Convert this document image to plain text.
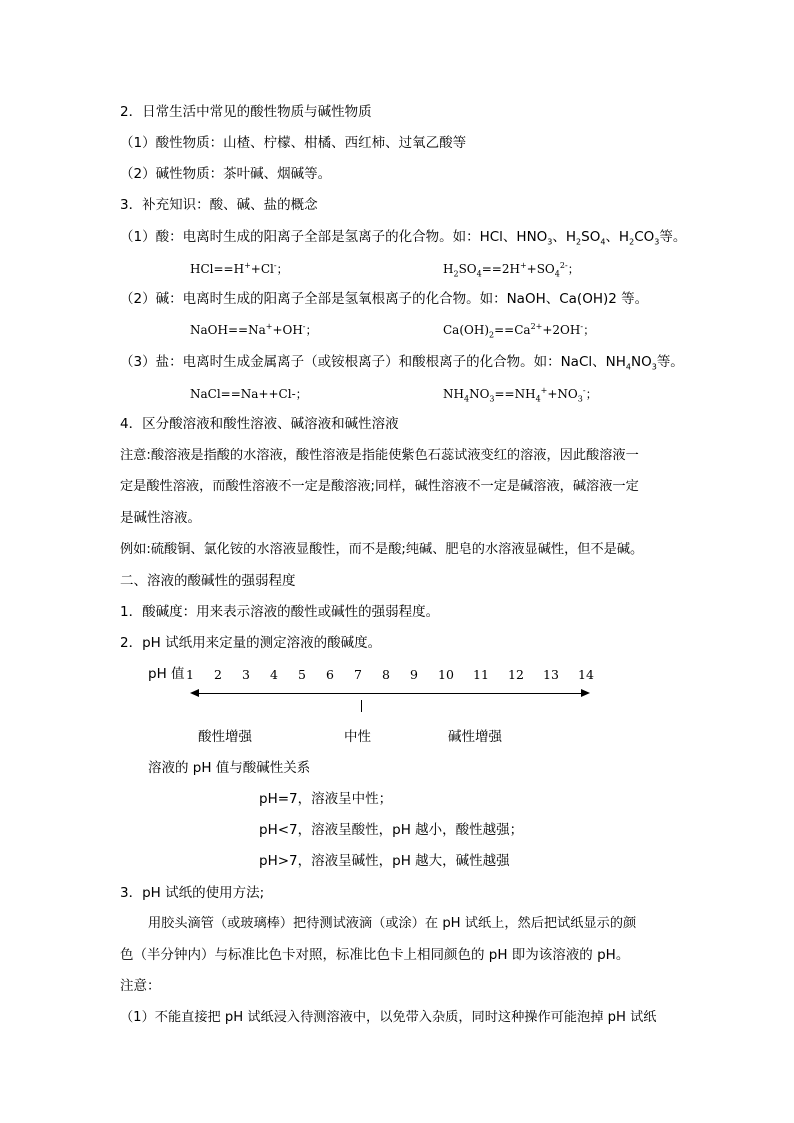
2．日常生活中常见的酸性物质与碱性物质
（1）酸性物质：山楂、柠檬、柑橘、西红柿、过氧乙酸等
（2）碱性物质：茶叶碱、烟碱等。
3．补充知识：酸、碱、盐的概念
（1）酸：电离时生成的阳离子全部是氢离子的化合物。如：HCl、$HNO_3$、$H_2SO_4$、$H_2CO_3$等。
HCl==H++Cl-；	$H_2SO_4==2H^++SO_4^{2-}$；
（2）碱：电离时生成的阳离子全部是氢氧根离子的化合物。如：NaOH、Ca(OH)2 等。
NaOH==Na++OH-；	$Ca(OH)_2==Ca^{2+}+2OH^-$；
（3）盐：电离时生成金属离子（或铵根离子）和酸根离子的化合物。如：NaCl、$NH_4NO_3$等。
NaCl==Na++Cl-；	$NH_4NO_3==NH_4^++NO_3^-$；
4．区分酸溶液和酸性溶液、碱溶液和碱性溶液
注意:酸溶液是指酸的水溶液，酸性溶液是指能使紫色石蕊试液变红的溶液，因此酸溶液一
定是酸性溶液，而酸性溶液不一定是酸溶液;同样，碱性溶液不一定是碱溶液，碱溶液一定
是碱性溶液。
例如:硫酸铜、氯化铵的水溶液显酸性，而不是酸;纯碱、肥皂的水溶液显碱性，但不是碱。
二、溶液的酸碱性的强弱程度
1．酸碱度：用来表示溶液的酸性或碱性的强弱程度。
2．pH 试纸用来定量的测定溶液的酸碱度。
pH 值 1 2 3 4 5 6 7 8 9 10 11 12 13 14
酸性增强	中性	碱性增强
溶液的 pH 值与酸碱性关系
pH=7，溶液呈中性；
pH<7，溶液呈酸性，pH 越小，酸性越强；
pH>7，溶液呈碱性，pH 越大，碱性越强
3．pH 试纸的使用方法;
用胶头滴管（或玻璃棒）把待测试液滴（或涂）在 pH 试纸上，然后把试纸显示的颜
色（半分钟内）与标准比色卡对照，标准比色卡上相同颜色的 pH 即为该溶液的 pH。
注意：
（1）不能直接把 pH 试纸浸入待测溶液中，以免带入杂质，同时这种操作可能泡掉 pH 试纸
